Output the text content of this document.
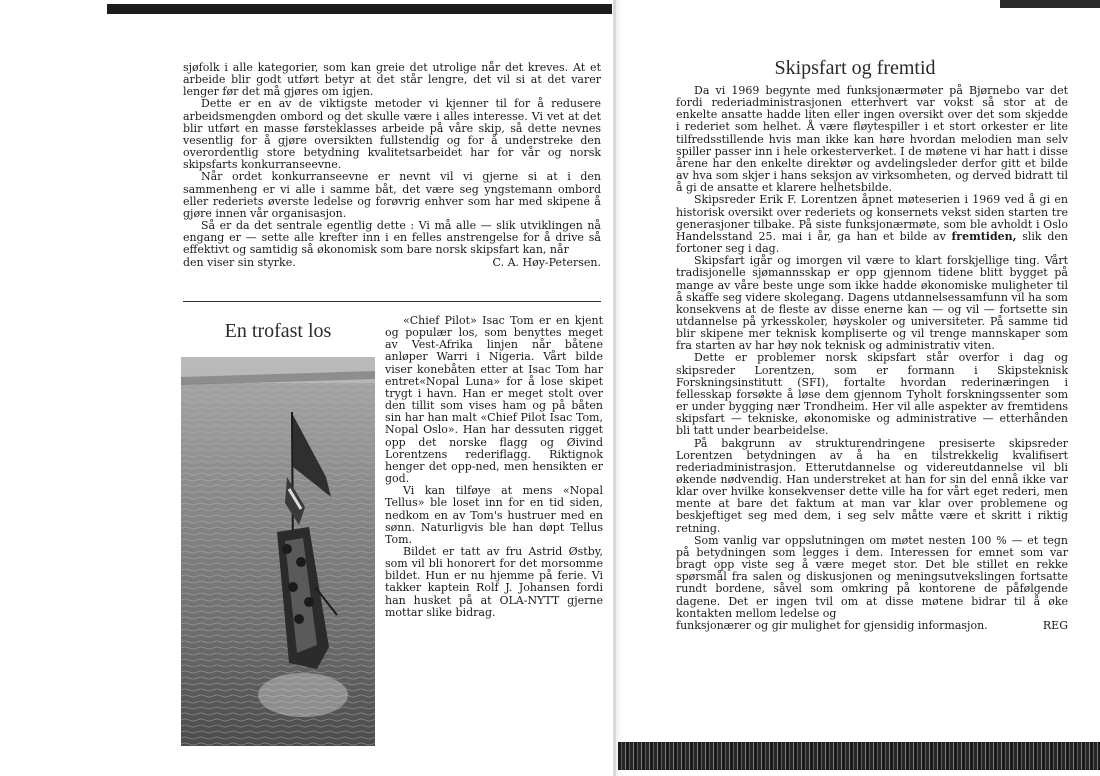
sjøfolk i alle kategorier, som kan greie det utrolige når det kreves. At et arbeide blir godt utført betyr at det står lengre, det vil si at det varer lenger før det må gjøres om igjen.

Dette er en av de viktigste metoder vi kjenner til for å redusere arbeidsmengden ombord og det skulle være i alles interesse. Vi vet at det blir utført en masse førsteklasses arbeide på våre skip, så dette nevnes vesentlig for å gjøre oversikten fullstendig og for å understreke den overordentlig store betydning kvalitetsarbeidet har for vår og norsk skipsfarts konkurranseevne.

Når ordet konkurranseevne er nevnt vil vi gjerne si at i den sammenheng er vi alle i samme båt, det være seg yngstemann ombord eller rederiets øverste ledelse og forøvrig enhver som har med skipene å gjøre innen vår organisasjon.

Så er da det sentrale egentlig dette : Vi må alle — slik utviklingen nå engang er — sette alle krefter inn i en felles anstrengelse for å drive så effektivt og samtidig så økonomisk som bare norsk skipsfart kan, når

den viser sin styrke.	C. A. Høy-Petersen.
En trofast los	«Chief Pilot» Isac Tom er en kjent og populær los, som benyttes meget av Vest-Afrika linjen når båtene anløper Warri i Nigeria. Vårt bilde viser konebåten etter at Isac Tom har entret«Nopal Luna» for å lose skipet trygt i havn. Han er meget stolt over den tillit som vises ham og på båten sin har han malt «Chief Pilot Isac Tom, Nopal Oslo». Han har dessuten rigget opp det norske flagg og Øivind Lorentzens rederiflagg. Riktignok henger det opp-ned, men hensikten er god.

Vi kan tilføye at mens «Nopal Tellus» ble loset inn for en tid siden, nedkom en av Tom's hustruer med en sønn. Naturligvis ble han døpt Tellus Tom.

Bildet er tatt av fru Astrid Østby, som vil bli honorert for det morsomme bildet. Hun er nu hjemme på ferie. Vi takker kaptein Rolf J. Johansen fordi han husket på at OLA-NYTT gjerne mottar slike bidrag.

Skipsfart og fremtid

Da vi 1969 begynte med funksjonærmøter på Bjørnebo var det fordi rederiadministrasjonen etterhvert var vokst så stor at de enkelte ansatte hadde liten eller ingen oversikt over det som skjedde i rederiet som helhet. Å være fløytespiller i et stort orkester er lite tilfredsstillende hvis man ikke kan høre hvordan melodien man selv spiller passer inn i hele orkesterverket. I de møtene vi har hatt i disse årene har den enkelte direktør og avdelingsleder derfor gitt et bilde av hva som skjer i hans seksjon av virksomheten, og derved bidratt til å gi de ansatte et klarere helhetsbilde.

Skipsreder Erik F. Lorentzen åpnet møteserien i 1969 ved å gi en historisk oversikt over rederiets og konsernets vekst siden starten tre generasjoner tilbake. På siste funksjonærmøte, som ble avholdt i Oslo Handelsstand 25. mai i år, ga han et bilde av fremtiden, slik den fortoner seg i dag.

Skipsfart igår og imorgen vil være to klart forskjellige ting. Vårt tradisjonelle sjømannsskap er opp gjennom tidene blitt bygget på mange av våre beste unge som ikke hadde økonomiske muligheter til å skaffe seg videre skolegang. Dagens utdannelsessamfunn vil ha som konsekvens at de fleste av disse enerne kan — og vil — fortsette sin utdannelse på yrkesskoler, høyskoler og universiteter. På samme tid blir skipene mer teknisk kompliserte og vil trenge mannskaper som fra starten av har høy nok teknisk og administrativ viten.

Dette er problemer norsk skipsfart står overfor i dag og skipsreder Lorentzen, som er formann i Skipsteknisk Forskningsinstitutt (SFI), fortalte hvordan rederinæringen i fellesskap forsøkte å løse dem gjennom Tyholt forskningssenter som er under bygging nær Trondheim. Her vil alle aspekter av fremtidens skipsfart — tekniske, økonomiske og administrative — etterhånden bli tatt under bearbeidelse.

På bakgrunn av strukturendringene presiserte skipsreder Lorentzen betydningen av å ha en tilstrekkelig kvalifisert rederiadministrasjon. Etterutdannelse og videreutdannelse vil bli økende nødvendig. Han understreket at han for sin del ennå ikke var klar over hvilke konsekvenser dette ville ha for vårt eget rederi, men mente at bare det faktum at man var klar over problemene og beskjeftiget seg med dem, i seg selv måtte være et skritt i riktig retning.

Som vanlig var oppslutningen om møtet nesten 100 % — et tegn på betydningen som legges i dem. Interessen for emnet som var bragt opp viste seg å være meget stor. Det ble stillet en rekke spørsmål fra salen og diskusjonen og meningsutvekslingen fortsatte rundt bordene, såvel som omkring på kontorene de påfølgende dagene. Det er ingen tvil om at disse møtene bidrar til å øke kontakten mellom ledelse og

funksjonærer og gir mulighet for gjensidig informasjon.	REG
